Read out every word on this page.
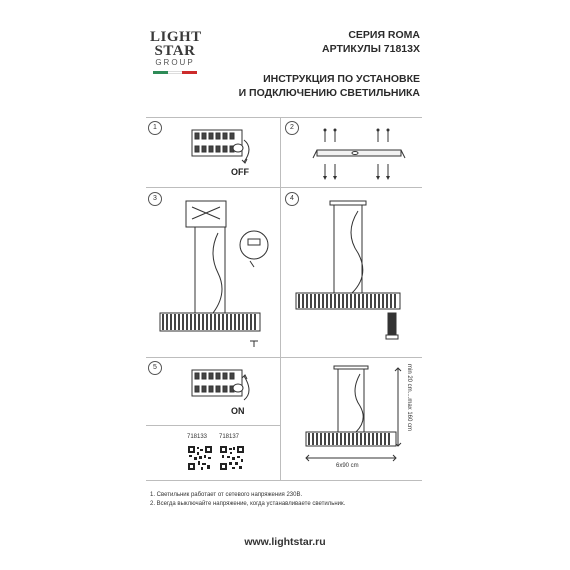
LIGHT
STAR
GROUP
СЕРИЯ ROMA
АРТИКУЛЫ 71813X
ИНСТРУКЦИЯ ПО УСТАНОВКЕ
И ПОДКЛЮЧЕНИЮ СВЕТИЛЬНИКА
1	2
3	4
5
OFF
ON
718133 718137
6x90 cm
min 20 cm....max 160 cm
1. Светильник работает от сетевого напряжения 230В.
2. Всегда выключайте напряжение, когда устанавливаете светильник.
www.lightstar.ru
